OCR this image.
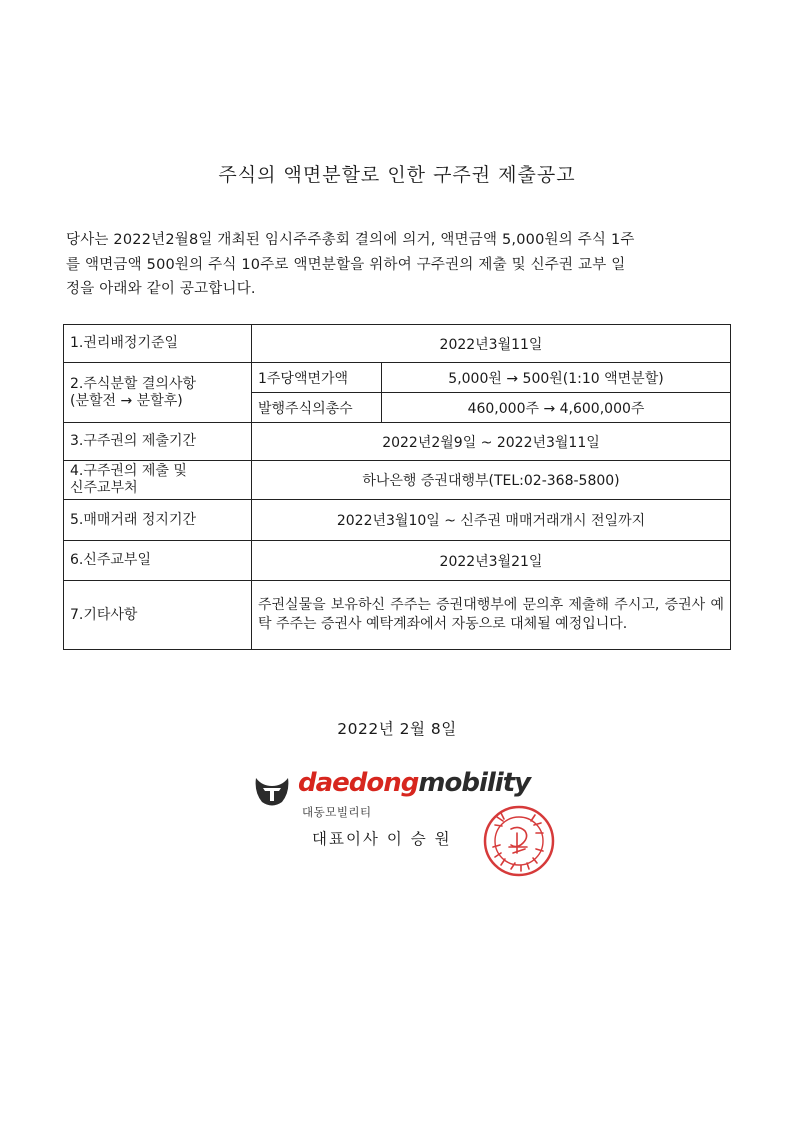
주식의 액면분할로 인한 구주권 제출공고
당사는 2022년2월8일 개최된 임시주주총회 결의에 의거, 액면금액 5,000원의 주식 1주
를 액면금액 500원의 주식 10주로 액면분할을 위하여 구주권의 제출 및 신주권 교부 일
정을 아래와 같이 공고합니다.
1.권리배정기준일	2022년3월11일	

2.주식분할 결의사항
(분할전 → 분할후)	1주당액면가액	5,000원 → 500원(1:10 액면분할)
	발행주식의총수	460,000주 → 4,600,000주
3.구주권의 제출기간	2022년2월9일 ~ 2022년3월11일	

4.구주권의 제출 및
신주교부처	하나은행 증권대행부(TEL:02-368-5800)	
5.매매거래 정지기간	2022년3월10일 ~ 신주권 매매거래개시 전일까지	
6.신주교부일	2022년3월21일	
7.기타사항	주권실물을 보유하신 주주는 증권대행부에 문의후 제출해 주시고, 증권사 예탁 주주는 증권사 예탁계좌에서 자동으로 대체될 예정입니다.	
2022년 2월 8일
daedongmobility
대동모빌리티
대표이사 이 승 원
